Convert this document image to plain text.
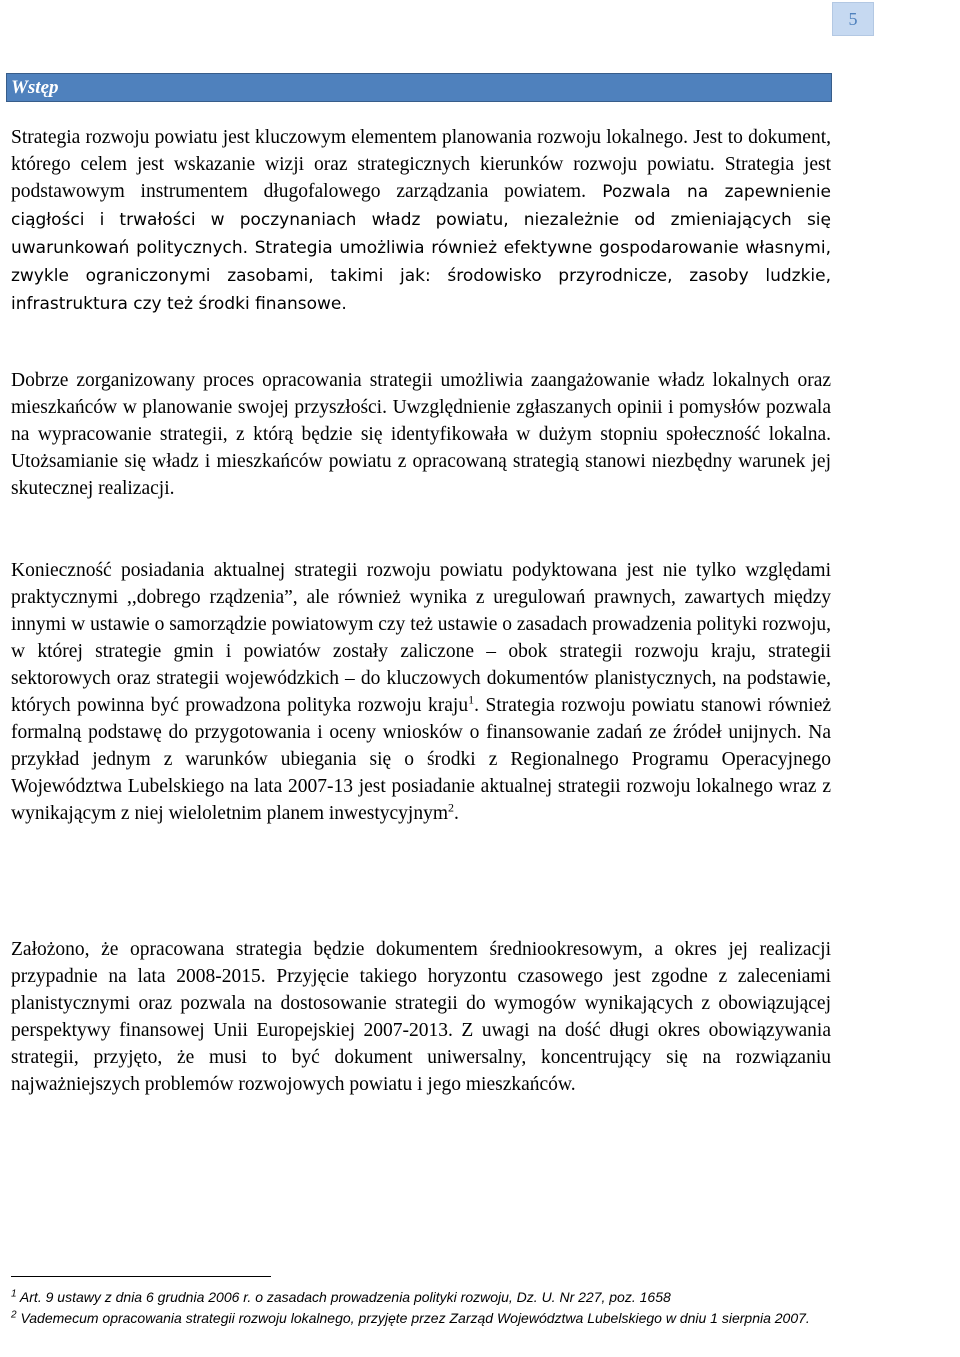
5
Wstęp

Strategia rozwoju powiatu jest kluczowym elementem planowania rozwoju lokalnego. Jest to dokument, którego celem jest wskazanie wizji oraz strategicznych kierunków rozwoju powiatu. Strategia jest podstawowym instrumentem długofalowego zarządzania powiatem. Pozwala na zapewnienie ciągłości i trwałości w poczynaniach władz powiatu, niezależnie od zmieniających się uwarunkowań politycznych. Strategia umożliwia również efektywne gospodarowanie własnymi, zwykle ograniczonymi zasobami, takimi jak: środowisko przyrodnicze, zasoby ludzkie, infrastruktura czy też środki finansowe.

Dobrze zorganizowany proces opracowania strategii umożliwia zaangażowanie władz lokalnych oraz mieszkańców w planowanie swojej przyszłości. Uwzględnienie zgłaszanych opinii i pomysłów pozwala na wypracowanie strategii, z którą będzie się identyfikowała w dużym stopniu społeczność lokalna. Utożsamianie się władz i mieszkańców powiatu z opracowaną strategią stanowi niezbędny warunek jej skutecznej realizacji.

Konieczność posiadania aktualnej strategii rozwoju powiatu podyktowana jest nie tylko względami praktycznymi ,,dobrego rządzenia”, ale również wynika z uregulowań prawnych, zawartych między innymi w ustawie o samorządzie powiatowym czy też ustawie o zasadach prowadzenia polityki rozwoju, w której strategie gmin i powiatów zostały zaliczone – obok strategii rozwoju kraju, strategii sektorowych oraz strategii wojewódzkich – do kluczowych dokumentów planistycznych, na podstawie, których powinna być prowadzona polityka rozwoju kraju$^1$. Strategia rozwoju powiatu stanowi również formalną podstawę do przygotowania i oceny wniosków o finansowanie zadań ze źródeł unijnych. Na przykład jednym z warunków ubiegania się o środki z Regionalnego Programu Operacyjnego Województwa Lubelskiego na lata 2007-13 jest posiadanie aktualnej strategii rozwoju lokalnego wraz z wynikającym z niej wieloletnim planem inwestycyjnym$^2$.

Założono, że opracowana strategia będzie dokumentem średniookresowym, a okres jej realizacji przypadnie na lata 2008-2015. Przyjęcie takiego horyzontu czasowego jest zgodne z zaleceniami planistycznymi oraz pozwala na dostosowanie strategii do wymogów wynikających z obowiązującej perspektywy finansowej Unii Europejskiej 2007-2013. Z uwagi na dość długi okres obowiązywania strategii, przyjęto, że musi to być dokument uniwersalny, koncentrujący się na rozwiązaniu najważniejszych problemów rozwojowych powiatu i jego mieszkańców.

$^1$ Art. 9 ustawy z dnia 6 grudnia 2006 r. o zasadach prowadzenia polityki rozwoju, Dz. U. Nr 227, poz. 1658
$^2$ Vademecum opracowania strategii rozwoju lokalnego, przyjęte przez Zarząd Województwa Lubelskiego w dniu 1 sierpnia 2007.
